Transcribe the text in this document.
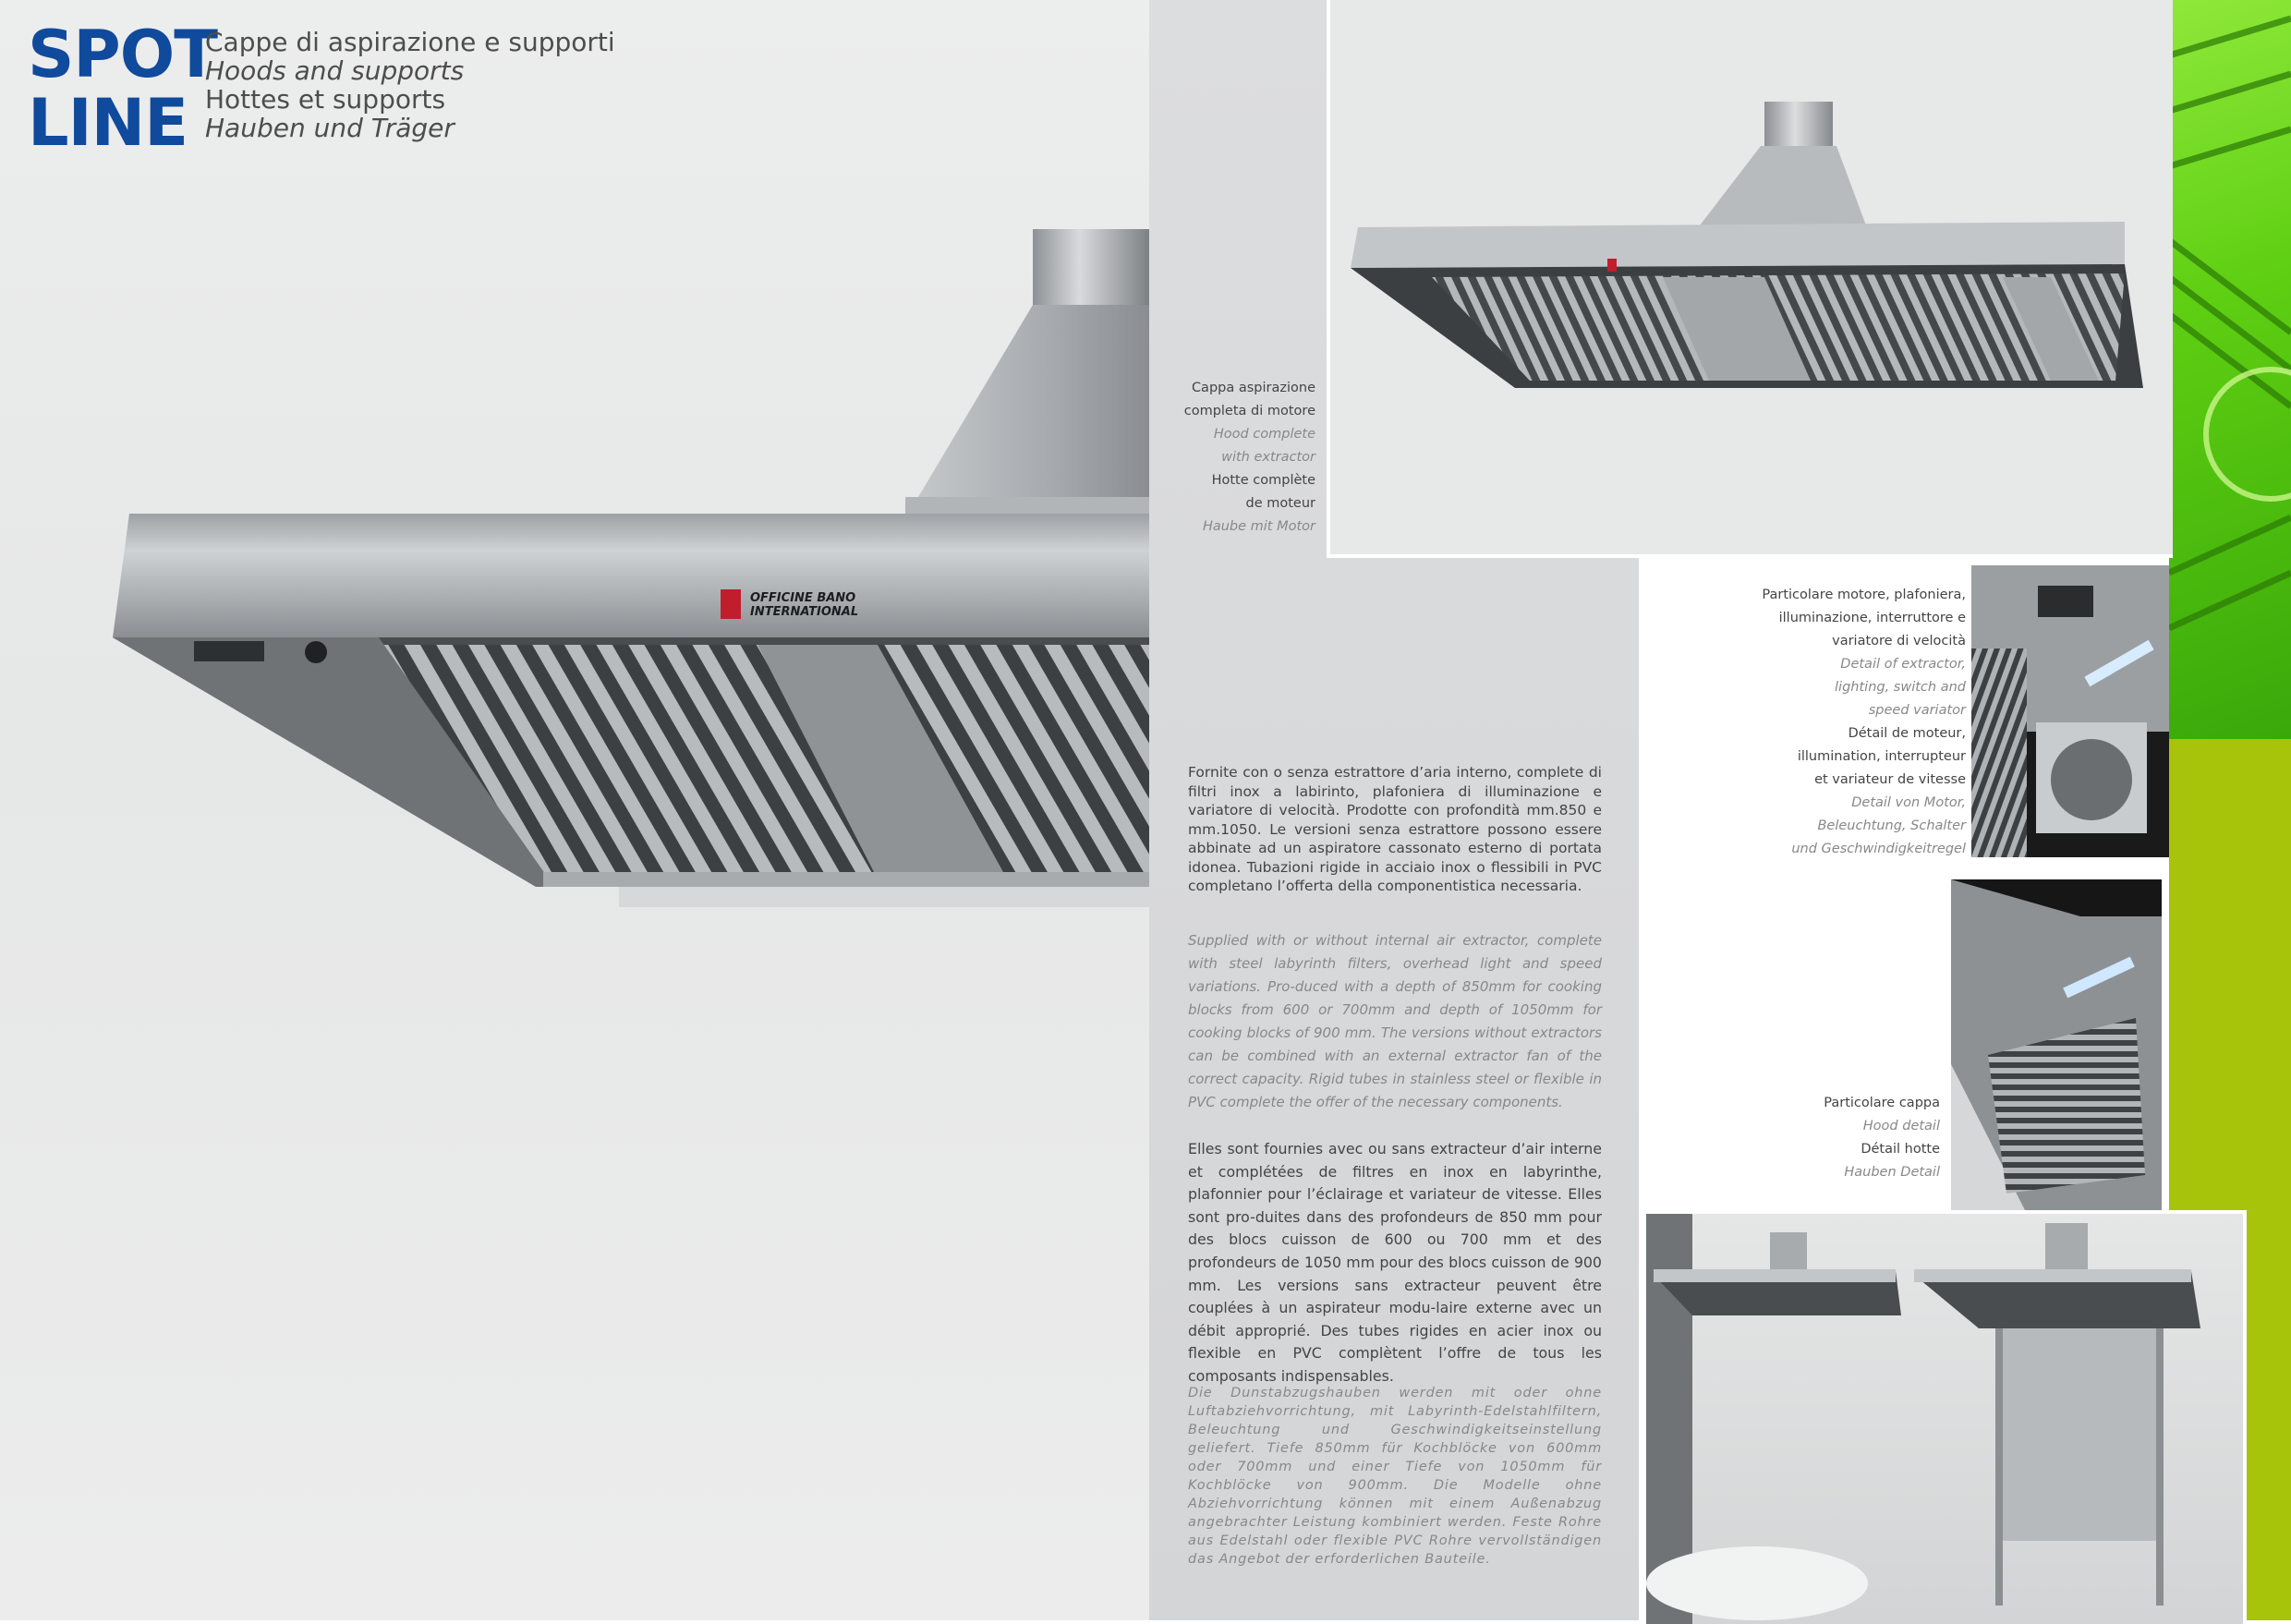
OFFICINE BANO
INTERNATIONAL
SPOT
LINE
Cappe di aspirazione e supporti
Hoods and supports
Hottes et supports
Hauben und Träger
Cappa aspirazione
completa di motore
Hood complete
with extractor
Hotte complète
de moteur
Haube mit Motor
Particolare motore, plafoniera,
illuminazione, interruttore e
variatore di velocità
Detail of extractor,
lighting, switch and
speed variator
Détail de moteur,
illumination, interrupteur
et variateur de vitesse
Detail von Motor,
Beleuchtung, Schalter
und Geschwindigkeitregel
Particolare cappa
Hood detail
Détail hotte
Hauben Detail
Fornite con o senza estrattore d’aria interno, complete di filtri inox a labirinto, plafoniera di illuminazione e variatore di velocità. Prodotte con profondità mm.850 e mm.1050. Le versioni senza estrattore possono essere abbinate ad un aspiratore cassonato esterno di portata idonea. Tubazioni rigide in acciaio inox o flessibili in PVC completano l’offerta della componentistica necessaria.
Supplied with or without internal air extractor, complete with steel labyrinth filters, overhead light and speed variations. Pro-duced with a depth of 850mm for cooking blocks from 600 or 700mm and depth of 1050mm for cooking blocks of 900 mm. The versions without extractors can be combined with an external extractor fan of the correct capacity. Rigid tubes in stainless steel or flexible in PVC complete the offer of the necessary components.
Elles sont fournies avec ou sans extracteur d’air interne et complétées de filtres en inox en labyrinthe, plafonnier pour l’éclairage et variateur de vitesse. Elles sont pro-duites dans des profondeurs de 850 mm pour des blocs cuisson de 600 ou 700 mm et des profondeurs de 1050 mm pour des blocs cuisson de 900 mm. Les versions sans extracteur peuvent être couplées à un aspirateur modu-laire externe avec un débit approprié. Des tubes rigides en acier inox ou flexible en PVC complètent l’offre de tous les composants indispensables.
Die Dunstabzugshauben werden mit oder ohne Luftabziehvorrichtung, mit Labyrinth-Edelstahlfiltern, Beleuchtung und Geschwindigkeitseinstellung geliefert. Tiefe 850mm für Kochblöcke von 600mm oder 700mm und einer Tiefe von 1050mm für Kochblöcke von 900mm. Die Modelle ohne Abziehvorrichtung können mit einem Außenabzug angebrachter Leistung kombiniert werden. Feste Rohre aus Edelstahl oder flexible PVC Rohre vervollständigen das Angebot der erforderlichen Bauteile.
